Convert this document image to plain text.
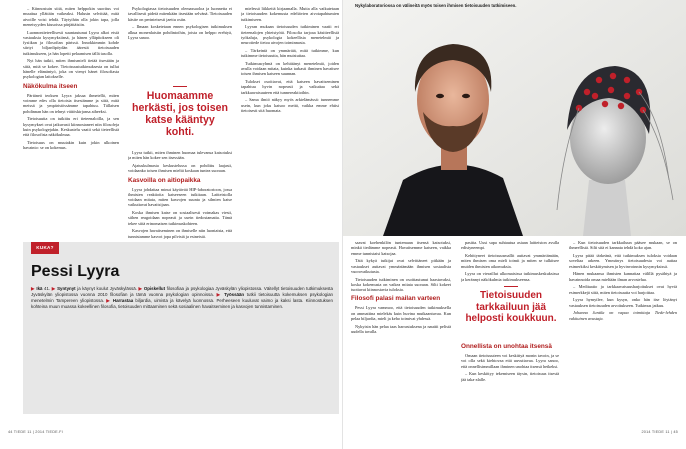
– Kiinnostuin siitä, miten helppokin suoritus voi muuttua yllättäin vaikeaksi. Halusin selvittää, mitä aivoille voisi tehdä. Täytyihän olla jokin tapa, jolla meneisyyden kiusoissa pärjättäisiin.

Luonnontieteellisesti suuntautunut Lyyra alkoi etsiä vastauksia kysymyksiinsä, ja hänen ylläpitokseen oli fysiikan ja filosofian pärissä. Innokkimmin kohde siirtyi biljardipöydän äärestä tietoisuuden tutkimukseen, ja hän lopetti pelaamisen tällä tasolla.

Nyt hän tutkii, miten ihmismieli tietää itsestään ja siitä, mitä se kokee. Tietoisuustutkimuksesta on tullut hänelle elämäntyö, joka on vienyt hänet filosofiasta psykologian laitokselle.

Näkökulma itseen

Pärtäneä teoksen Lyyra jaksaa ihmetellä, miten voimme edes olla tietoisia itsestämme ja siitä, mitä meissä ja ympäristössämme tapahtuu. Tällaisen pohdinnan hän on tehnyt väitöskirjansa aiheeksi.

Tietoisuutta on tutkittu eri tieteenaloilla, ja sen kysymykset ovat jatkuvasti kiinnostaneet niin filosofeja kuin psykologejakin. Keskustelu vaatii sekä tieteellistä että filosofista näkökulmaa.

Tietoisuus on muutakin kuin jokin ulkoinen havainto: se on kokemus.

Psykologiassa tietoisuuden olemassaoloa ja luonnetta ei tavallisesti pidetä mitenkään itsestään selvänä. Tietoisuuden käsite on perinteisesti jaettu osiin.

– Ilmaan kosketetaan ennen psykologisen tutkimuksen alkua monenlaisiin pohdintoihin, joista on helppo erehtyä, Lyyra sanoo.

Huomaamme herkästi, jos toisen katse kääntyy kohti.

Lyyra tutkii, miten ihminen huomaa tulevansa katsotuksi ja miten hän kokee sen itsessään.

Ajatuskulmasta keskustelussa on pohdittu laajasti, voidaanko toisen ihmisen mieltä koskaan tuntea suoraan.

Kasvoilla on aitiopaikka

Lyyra johdattaa minut käytävää HIP-laboratorioon, jossa ihmisten reaktioita katseeseen tutkitaan. Laitteistolla voidaan mitata, miten kasvojen suunta ja silmien katse vaikuttavat havaitsijaan.

Koska ihmisen katse on sosiaalisesti voimakas viesti, siihen reagoidaan nopeasti ja usein tiedostamatta. Tämä tekee siitä erinomaisen tutkimuskohteen.

Kasvojen havaitseminen on ihmiselle niin luontaista, että tunnistamme kasvot jopa pilvistä ja esineistä.

mielessä liikkeitä kirjaamalla. Mutta alla vaikutetaan ja tietoisuuden kokemusta edeltävien aivotapahtumien tutkimiseen.

Lyyran mukaan tietoisuuden tutkiminen vaatii eri tieteenalojen yhteistyötä. Filosofia tarjoaa käsitteellisiä työkaluja, psykologia kokeellisia menetelmiä ja neurotiede tietoa aivojen toiminnasta.

– Tärkeintä on ymmärtää, mitä tutkimme, kun tutkimme tietoisuutta, hän muistuttaa.

Tutkimusryhmä on kehittänyt menetelmiä, joiden avulla voidaan mitata, kuinka tarkasti ihminen havaitsee toisen ihmisen katseen suunnan.

Tulokset osoittavat, että katseen havaitseminen tapahtuu hyvin nopeasti ja vaikuttaa sekä tarkkaavaisuuteen että tunnereaktioihin.

– Sama ilmiö näkyy myös arkielämässä: tunnemme usein, kun joku katsoo meitä, vaikka emme ehtisi tietoisesti sitä huomata.

KUKA?
Pessi Lyyra
▶ Ikä 41. ▶ Syntynyt ja käynyt koulut Jyväskylässä. ▶ Opiskellut filosofiaa ja psykologiaa Jyväskylän yliopistossa. Väitellyt tietoisuuden tutkimuksesta Jyväskylän yliopistossa vuonna 2010 filosofian ja tämä vuonna psykologian opinnoissa. ▶ Työssään tutkii tietoisuutta kokemuksen psykologian menetelmin Tampereen yliopistossa. ▶ Harrastaa biljardia, uimista ja kävelyä luonnossa. Perheeseen kuuluvat vaimo ja kaksi lasta. Kiinnostuksen kohteina muun muassa kokeellinen filosofia, tietoisuuden mittaaminen sekä sosiaalinen havaitseminen ja kasvojen tunnistaminen.
44 TIEDE 11 | 2014 TIEDE.FI
Nykylaboratoriossa on välineitä myös toisen ihmisen tietoisuuden tutkimiseen.

saavat koehenkilön tuntemaan itsensä katsotuksi, minkä tiedämme nopeasti. Havaitsemme katseen, vaikka emme tunnistaisi katsojaa.

Tätä kykyä tutkijat ovat selvittäneet pitkään ja vastaukset auttavat ymmärtämään ihmisen sosiaalista vuorovaikutusta.

Tietoisuuden tutkiminen on osoittautunut haastavaksi, koska kokemusta on vaikea mitata suoraan. Silti kokeet tuottavat kiinnostavia tuloksia.

Filosofi palasi mailan varteen

Pessi Lyyra vammoo, että tietoisuuden tutkimuksella on ammattina mielekäs kuin huvina mutkaantuvaa. Kun pelaa biljardia, mieli ja keho toimivat yhdessä.

Nykyisin hän pelaa taas harrastuksena ja nauttii pelistä uudella tavalla.

pasitta. Uusi sapa suhtautua asiaan laitteiston avulla edistyneempi.

Kehittyneet tietoisuusmallit auttavat ymmärtämään, miten ihmisen oma mieli toimii ja miten se tulkitsee muiden ihmisten aikomuksia.

Lyyra on vieraillut ulkomaisissa tutkimuskeskuksissa ja kerännyt näkökulmia tutkimukseensa.

Tietoisuuden tarkkailuun jää helposti koukkuun.
Onnellista on unohtaa itsensä

Omaan tietoisuuteen voi keskittyä monin tavoin, ja se voi olla sekä kiehtovaa että uuvuttavaa. Lyyra sanoo, että onnellisimmillaan ihminen unohtaa itsensä hetkeksi.

– Kun keskittyy tekemiseen täysin, tietoisuus itsestä jää taka-alalle.

– Kun tietoisuuden tarkkailuun pääsee mukaan, se on ihmeellistä. Silti sitä ei kannata tehdä koko ajan.

Lyyra pitää tärkeänä, että tutkimuksen tuloksia voidaan soveltaa arkeen. Ymmärrys tietoisuudesta voi auttaa esimerkiksi keskittymisen ja hyvinvoinnin kysymyksissä.

Hänen mukaansa ihmisten kannattaa välillä pysähtyä ja havainnoida omaa mieltään ilman arvostelua.

– Meditaatio ja tarkkaavaisuusharjoitukset ovat hyviä esimerkkejä siitä, miten tietoisuutta voi harjoittaa.

Lyyra hymyilee, kun kysyn, onko hän itse löytänyt vastauksen tietoisuuden arvoitukseen. Tutkimus jatkuu.

Johanna Juntila on vapaa toimittaja Tiede-lehden vakituinen avustaja.

2014 TIEDE 11 | 45
